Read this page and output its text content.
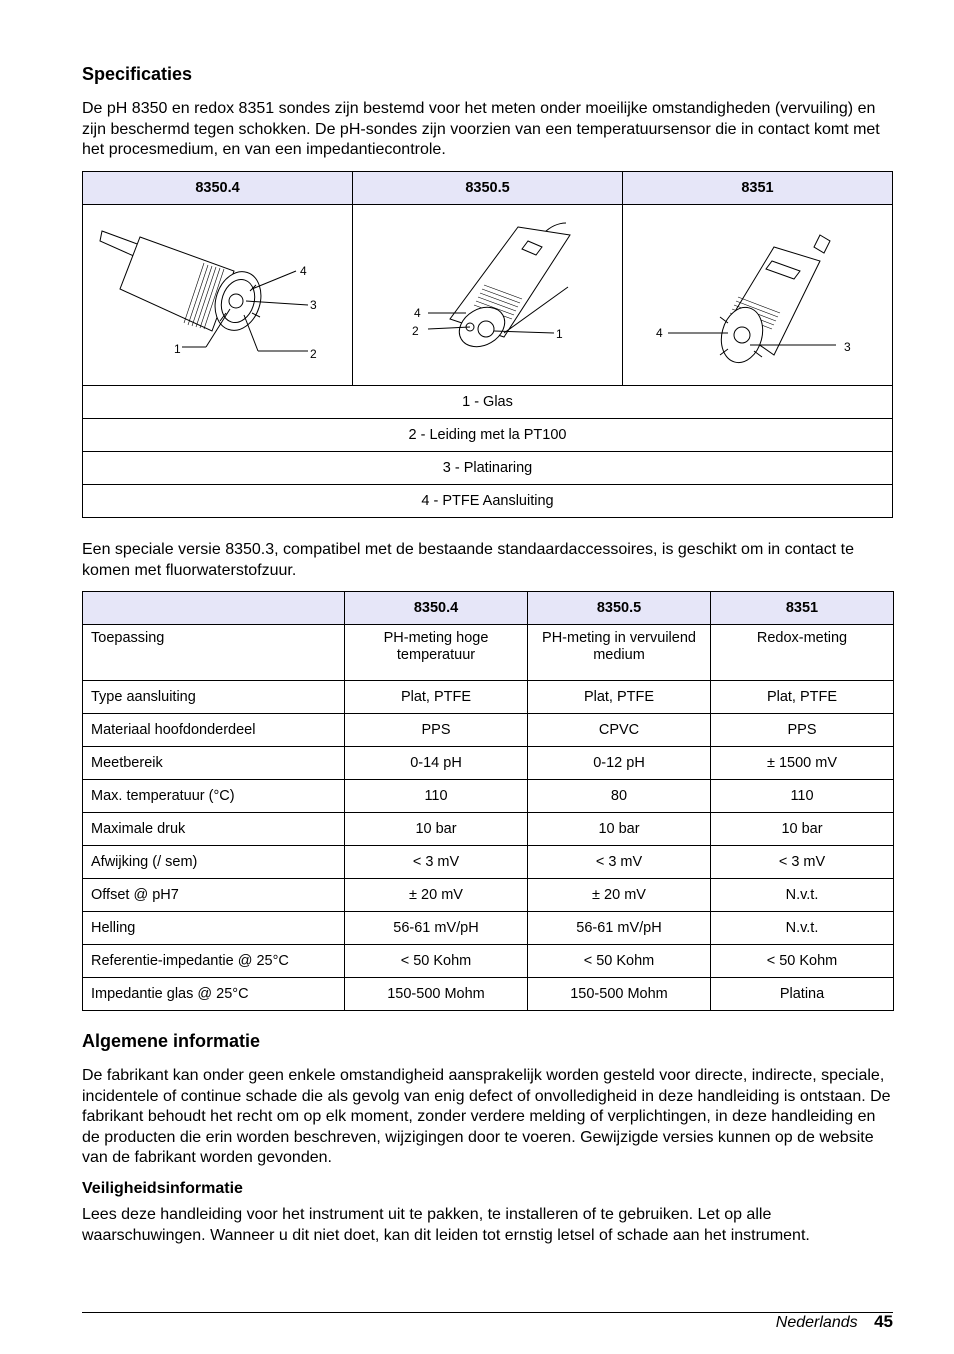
Specificaties

De pH 8350 en redox 8351 sondes zijn bestemd voor het meten onder moeilijke omstandigheden (vervuiling) en zijn beschermd tegen schokken. De pH-sondes zijn voorzien van een temperatuursensor die in contact komt met het procesmedium, en van een impedantiecontrole.

8350.4	8350.5	8351

4
3
1 2	4
2 1	4
3

1 - Glas		
2 - Leiding met la PT100		
3 - Platinaring		
4 - PTFE Aansluiting		

Een speciale versie 8350.3, compatibel met de bestaande standaardaccessoires, is geschikt om in contact te komen met fluorwaterstofzuur.

	8350.4	8350.5	8351
Toepassing	PH-meting hoge temperatuur	PH-meting in vervuilend medium	Redox-meting
Type aansluiting	Plat, PTFE	Plat, PTFE	Plat, PTFE
Materiaal hoofdonderdeel	PPS	CPVC	PPS
Meetbereik	0-14 pH	0-12 pH	± 1500 mV
Max. temperatuur (°C)	110	80	110
Maximale druk	10 bar	10 bar	10 bar
Afwijking (/ sem)	< 3 mV	< 3 mV	< 3 mV
Offset @ pH7	± 20 mV	± 20 mV	N.v.t.
Helling	56-61 mV/pH	56-61 mV/pH	N.v.t.
Referentie-impedantie @ 25°C	< 50 Kohm	< 50 Kohm	< 50 Kohm
Impedantie glas @ 25°C	150-500 Mohm	150-500 Mohm	Platina
Algemene informatie

De fabrikant kan onder geen enkele omstandigheid aansprakelijk worden gesteld voor directe, indirecte, speciale, incidentele of continue schade die als gevolg van enig defect of onvolledigheid in deze handleiding is ontstaan. De fabrikant behoudt het recht om op elk moment, zonder verdere melding of verplichtingen, in deze handleiding en de producten die erin worden beschreven, wijzigingen door te voeren. Gewijzigde versies kunnen op de website van de fabrikant worden gevonden.

Veiligheidsinformatie

Lees deze handleiding voor het instrument uit te pakken, te installeren of te gebruiken. Let op alle waarschuwingen. Wanneer u dit niet doet, kan dit leiden tot ernstig letsel of schade aan het instrument.

Nederlands 45
